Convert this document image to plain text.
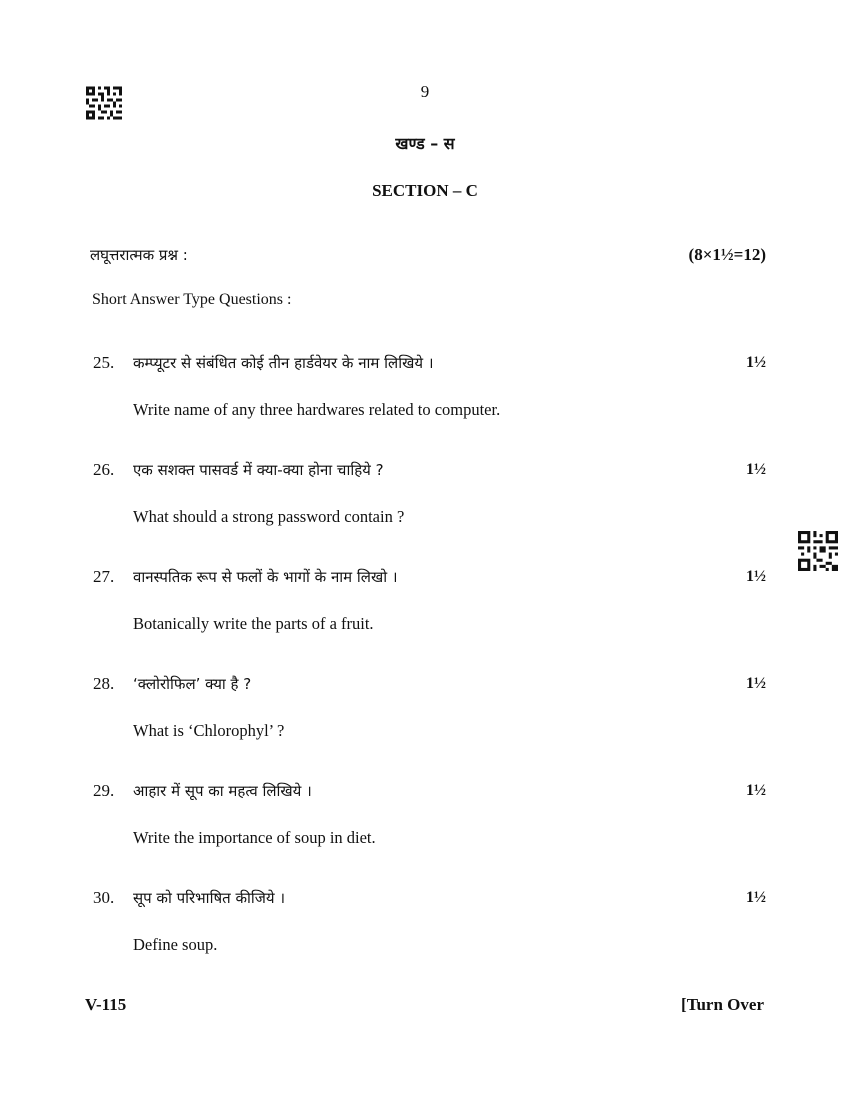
9
खण्ड – स
SECTION – C
लघूत्तरात्मक प्रश्न :	(8×1½=12)
Short Answer Type Questions :
25. कम्प्यूटर से संबंधित कोई तीन हार्डवेयर के नाम लिखिये ।	1½
Write name of any three hardwares related to computer.
26. एक सशक्त पासवर्ड में क्या-क्या होना चाहिये ?	1½
What should a strong password contain ?
27. वानस्पतिक रूप से फलों के भागों के नाम लिखो ।	1½
Botanically write the parts of a fruit.
28. ‘क्लोरोफिल’ क्या है ?	1½
What is ‘Chlorophyl’ ?
29. आहार में सूप का महत्व लिखिये ।	1½
Write the importance of soup in diet.
30. सूप को परिभाषित कीजिये ।	1½
Define soup.
V-115	[Turn Over
